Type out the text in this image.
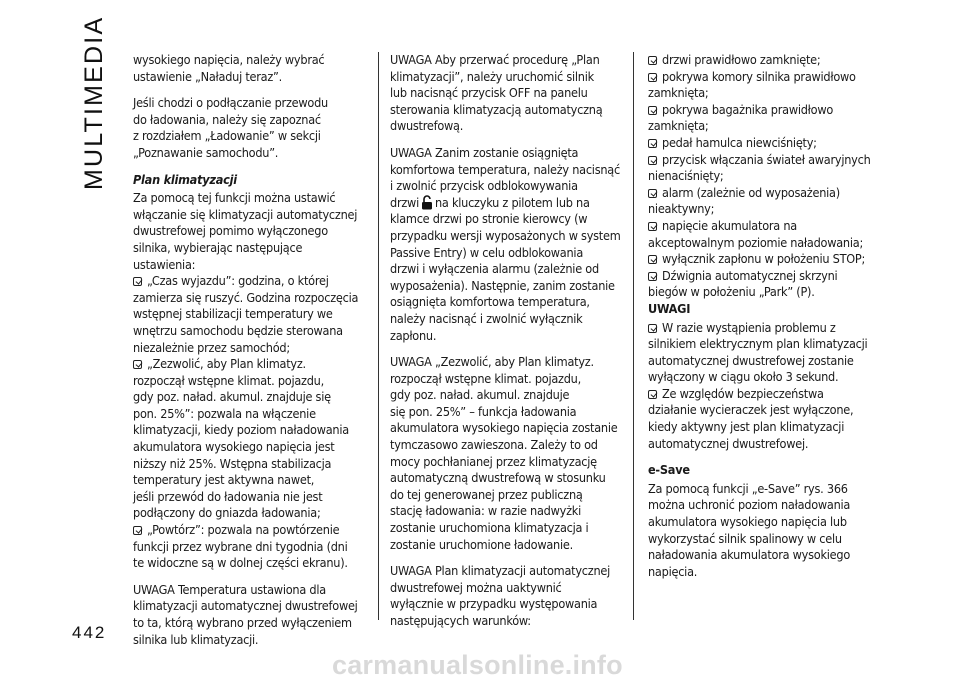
MULTIMEDIA
442

wysokiego napięcia, należy wybrać
ustawienie „Naładuj teraz”.

Jeśli chodzi o podłączanie przewodu
do ładowania, należy się zapoznać
z rozdziałem „Ładowanie” w sekcji
„Poznawanie samochodu”.

Plan klimatyzacji

Za pomocą tej funkcji można ustawić
włączanie się klimatyzacji automatycznej
dwustrefowej pomimo wyłączonego
silnika, wybierając następujące
ustawienia:

„Czas wyjazdu”: godzina, o której
zamierza się ruszyć. Godzina rozpoczęcia
wstępnej stabilizacji temperatury we
wnętrzu samochodu będzie sterowana
niezależnie przez samochód;
„Zezwolić, aby Plan klimatyz.
rozpoczął wstępne klimat. pojazdu,
gdy poz. naład. akumul. znajduje się
pon. 25%”: pozwala na włączenie
klimatyzacji, kiedy poziom naładowania
akumulatora wysokiego napięcia jest
niższy niż 25%. Wstępna stabilizacja
temperatury jest aktywna nawet,
jeśli przewód do ładowania nie jest
podłączony do gniazda ładowania;
„Powtórz”: pozwala na powtórzenie
funkcji przez wybrane dni tygodnia (dni
te widoczne są w dolnej części ekranu).

UWAGA Temperatura ustawiona dla
klimatyzacji automatycznej dwustrefowej
to ta, którą wybrano przed wyłączeniem
silnika lub klimatyzacji.

UWAGA Aby przerwać procedurę „Plan
klimatyzacji”, należy uruchomić silnik
lub nacisnąć przycisk OFF na panelu
sterowania klimatyzacją automatyczną
dwustrefową.

UWAGA Zanim zostanie osiągnięta
komfortowa temperatura, należy nacisnąć
i zwolnić przycisk odblokowywania
drzwi na kluczyku z pilotem lub na
klamce drzwi po stronie kierowcy (w
przypadku wersji wyposażonych w system
Passive Entry) w celu odblokowania
drzwi i wyłączenia alarmu (zależnie od
wyposażenia). Następnie, zanim zostanie
osiągnięta komfortowa temperatura,
należy nacisnąć i zwolnić wyłącznik
zapłonu.

UWAGA „Zezwolić, aby Plan klimatyz.
rozpoczął wstępne klimat. pojazdu,
gdy poz. naład. akumul. znajduje
się pon. 25%” – funkcja ładowania
akumulatora wysokiego napięcia zostanie
tymczasowo zawieszona. Zależy to od
mocy pochłanianej przez klimatyzację
automatyczną dwustrefową w stosunku
do tej generowanej przez publiczną
stację ładowania: w razie nadwyżki
zostanie uruchomiona klimatyzacja i
zostanie uruchomione ładowanie.

UWAGA Plan klimatyzacji automatycznej
dwustrefowej można uaktywnić
wyłącznie w przypadku występowania
następujących warunków:

drzwi prawidłowo zamknięte;
pokrywa komory silnika prawidłowo
zamknięta;
pokrywa bagażnika prawidłowo
zamknięta;
pedał hamulca niewciśnięty;
przycisk włączania świateł awaryjnych
nienaciśnięty;
alarm (zależnie od wyposażenia)
nieaktywny;
napięcie akumulatora na
akceptowalnym poziomie naładowania;
wyłącznik zapłonu w położeniu STOP;
Dźwignia automatycznej skrzyni
biegów w położeniu „Park” (P).
UWAGI
W razie wystąpienia problemu z
silnikiem elektrycznym plan klimatyzacji
automatycznej dwustrefowej zostanie
wyłączony w ciągu około 3 sekund.
Ze względów bezpieczeństwa
działanie wycieraczek jest wyłączone,
kiedy aktywny jest plan klimatyzacji
automatycznej dwustrefowej.
e-Save

Za pomocą funkcji „e-Save” rys. 366
można uchronić poziom naładowania
akumulatora wysokiego napięcia lub
wykorzystać silnik spalinowy w celu
naładowania akumulatora wysokiego
napięcia.

carmanualsonline.info
